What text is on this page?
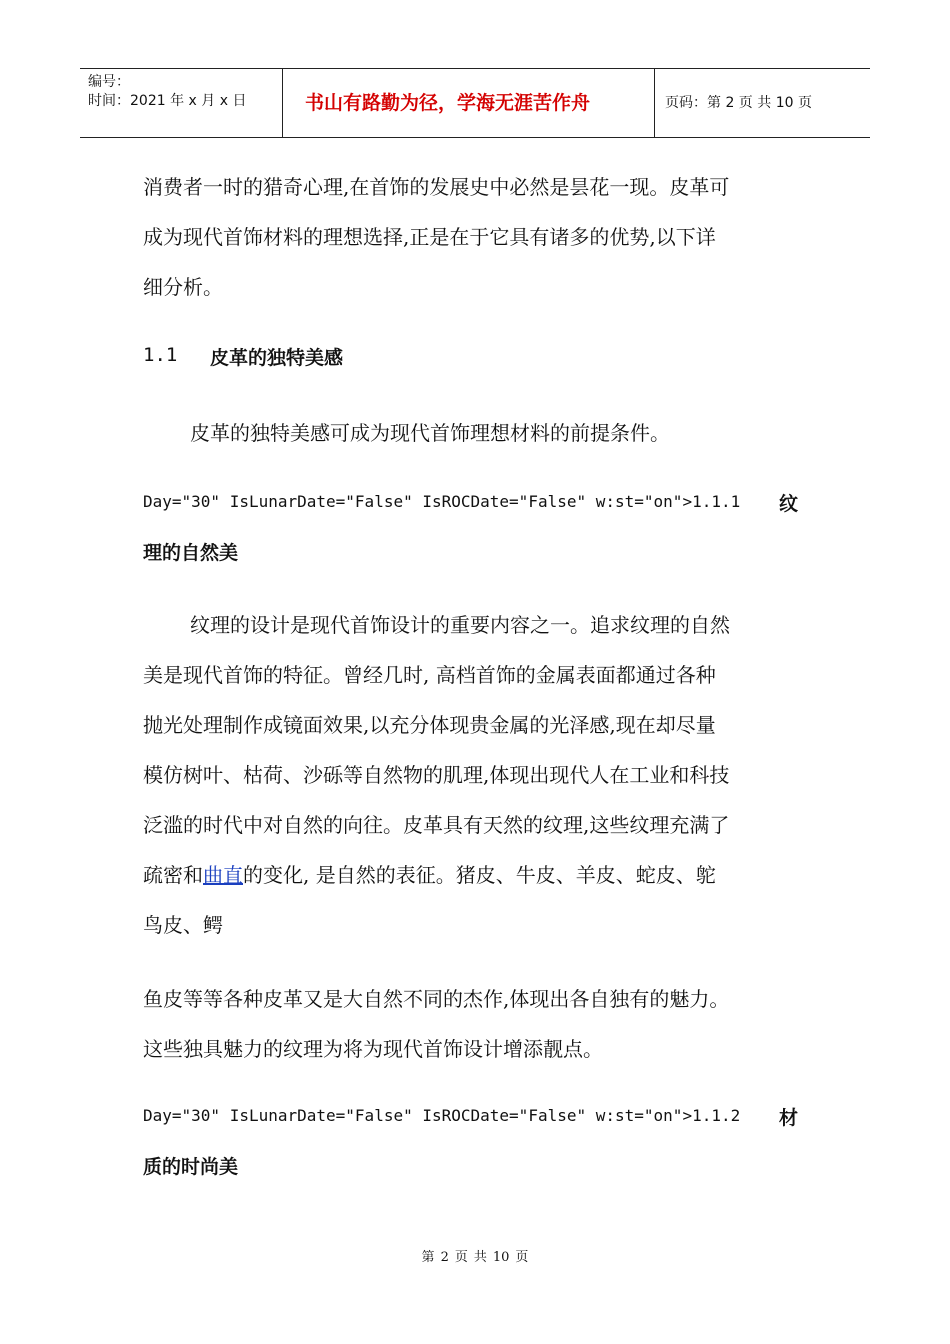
编号：
时间：2021 年 x 月 x 日	书山有路勤为径，学海无涯苦作舟	页码：第 2 页 共 10 页
消费者一时的猎奇心理,在首饰的发展史中必然是昙花一现。皮革可
成为现代首饰材料的理想选择,正是在于它具有诸多的优势,以下详
细分析。
1.1 皮革的独特美感
皮革的独特美感可成为现代首饰理想材料的前提条件。
Day="30" IsLunarDate="False" IsROCDate="False" w:st="on">1.1.1 纹
理的自然美
纹理的设计是现代首饰设计的重要内容之一。追求纹理的自然
美是现代首饰的特征。曾经几时, 高档首饰的金属表面都通过各种
抛光处理制作成镜面效果,以充分体现贵金属的光泽感,现在却尽量
模仿树叶、枯荷、沙砾等自然物的肌理,体现出现代人在工业和科技
泛滥的时代中对自然的向往。皮革具有天然的纹理,这些纹理充满了
疏密和曲直的变化, 是自然的表征。猪皮、牛皮、羊皮、蛇皮、鸵
鸟皮、鳄
鱼皮等等各种皮革又是大自然不同的杰作,体现出各自独有的魅力。
这些独具魅力的纹理为将为现代首饰设计增添靓点。
Day="30" IsLunarDate="False" IsROCDate="False" w:st="on">1.1.2 材
质的时尚美
第 2 页 共 10 页
